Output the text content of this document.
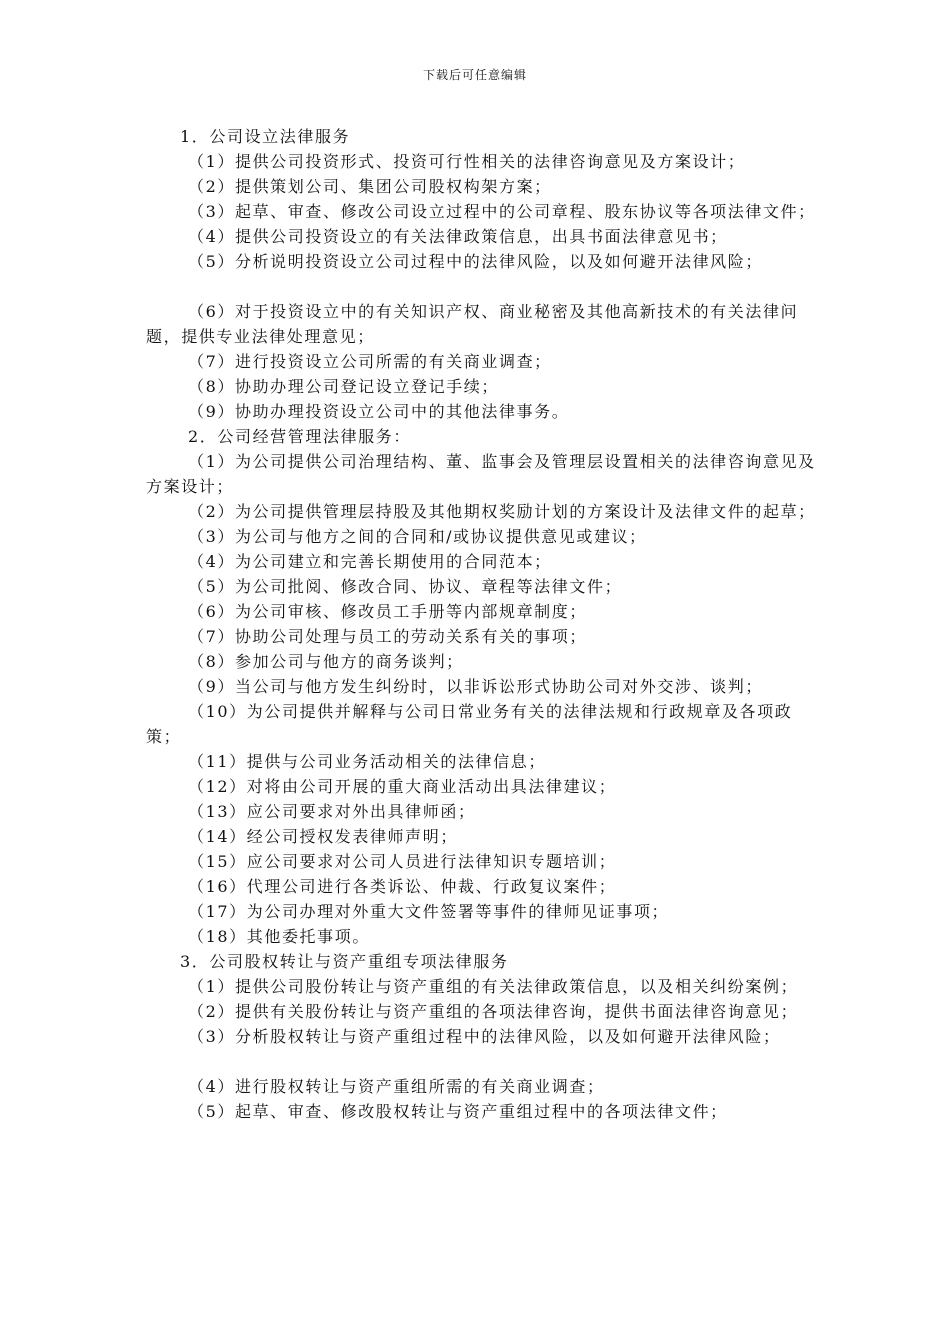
下载后可任意编辑
1．公司设立法律服务
（1）提供公司投资形式、投资可行性相关的法律咨询意见及方案设计；
（2）提供策划公司、集团公司股权构架方案；
（3）起草、审查、修改公司设立过程中的公司章程、股东协议等各项法律文件；
（4）提供公司投资设立的有关法律政策信息，出具书面法律意见书；
（5）分析说明投资设立公司过程中的法律风险，以及如何避开法律风险；
（6）对于投资设立中的有关知识产权、商业秘密及其他高新技术的有关法律问题，提供专业法律处理意见；
（7）进行投资设立公司所需的有关商业调查；
（8）协助办理公司登记设立登记手续；
（9）协助办理投资设立公司中的其他法律事务。
2．公司经营管理法律服务：
（1）为公司提供公司治理结构、董、监事会及管理层设置相关的法律咨询意见及方案设计；
（2）为公司提供管理层持股及其他期权奖励计划的方案设计及法律文件的起草；
（3）为公司与他方之间的合同和/或协议提供意见或建议；
（4）为公司建立和完善长期使用的合同范本；
（5）为公司批阅、修改合同、协议、章程等法律文件；
（6）为公司审核、修改员工手册等内部规章制度；
（7）协助公司处理与员工的劳动关系有关的事项；
（8）参加公司与他方的商务谈判；
（9）当公司与他方发生纠纷时，以非诉讼形式协助公司对外交涉、谈判；
（10）为公司提供并解释与公司日常业务有关的法律法规和行政规章及各项政策；
（11）提供与公司业务活动相关的法律信息；
（12）对将由公司开展的重大商业活动出具法律建议；
（13）应公司要求对外出具律师函；
（14）经公司授权发表律师声明；
（15）应公司要求对公司人员进行法律知识专题培训；
（16）代理公司进行各类诉讼、仲裁、行政复议案件；
（17）为公司办理对外重大文件签署等事件的律师见证事项；
（18）其他委托事项。
3．公司股权转让与资产重组专项法律服务
（1）提供公司股份转让与资产重组的有关法律政策信息，以及相关纠纷案例；
（2）提供有关股份转让与资产重组的各项法律咨询，提供书面法律咨询意见；
（3）分析股权转让与资产重组过程中的法律风险，以及如何避开法律风险；
（4）进行股权转让与资产重组所需的有关商业调查；
（5）起草、审查、修改股权转让与资产重组过程中的各项法律文件；
